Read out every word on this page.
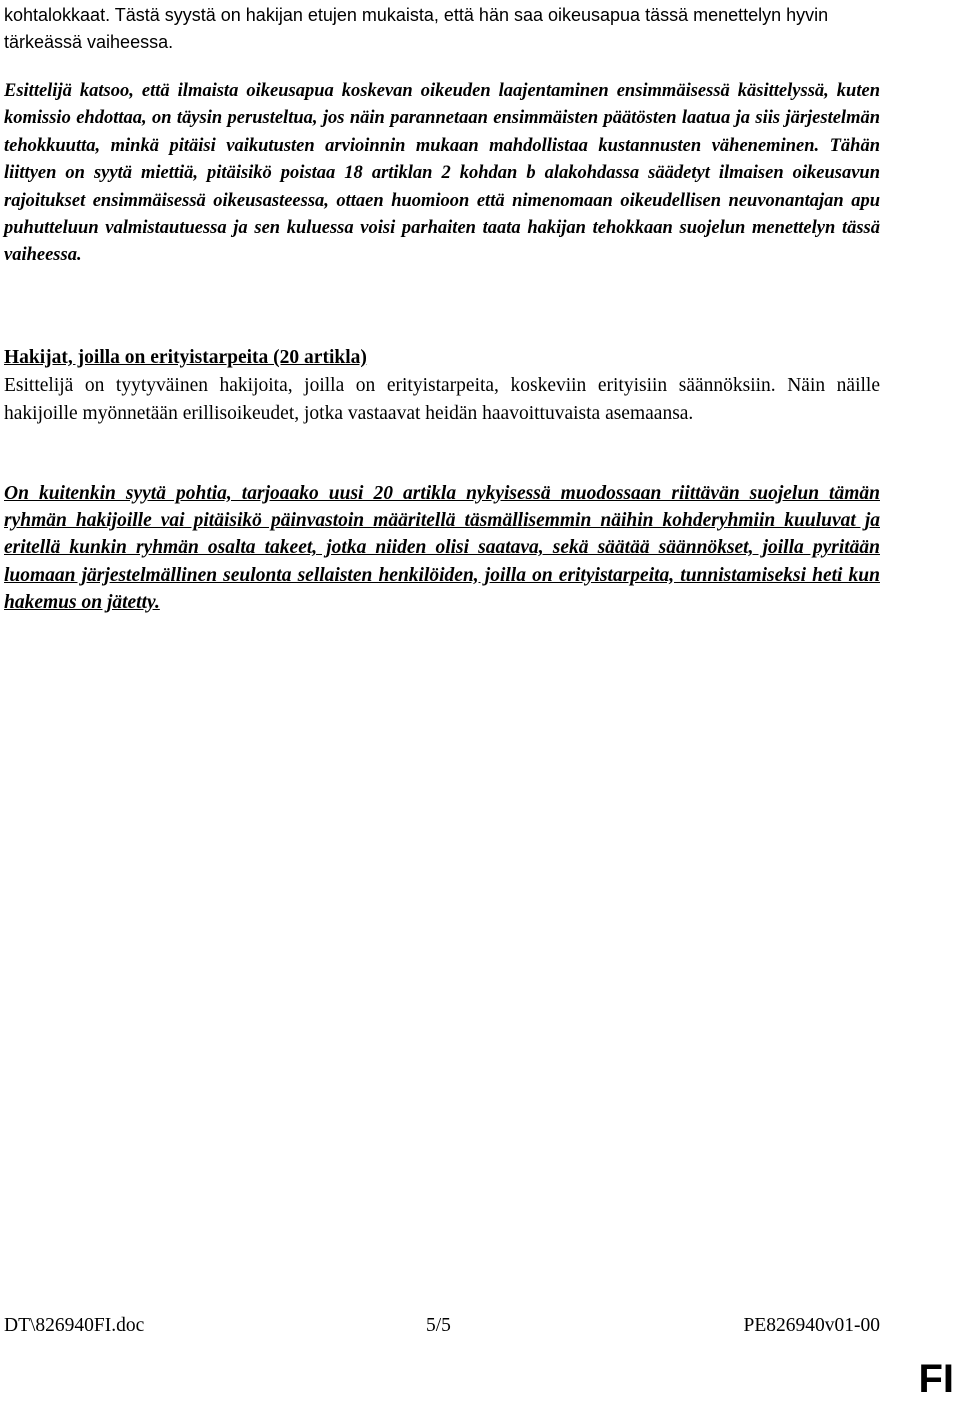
kohtalokkaat. Tästä syystä on hakijan etujen mukaista, että hän saa oikeusapua tässä menettelyn hyvin tärkeässä vaiheessa.

Esittelijä katsoo, että ilmaista oikeusapua koskevan oikeuden laajentaminen ensimmäisessä käsittelyssä, kuten komissio ehdottaa, on täysin perusteltua, jos näin parannetaan ensimmäisten päätösten laatua ja siis järjestelmän tehokkuutta, minkä pitäisi vaikutusten arvioinnin mukaan mahdollistaa kustannusten väheneminen. Tähän liittyen on syytä miettiä, pitäisikö poistaa 18 artiklan 2 kohdan b alakohdassa säädetyt ilmaisen oikeusavun rajoitukset ensimmäisessä oikeusasteessa, ottaen huomioon että nimenomaan oikeudellisen neuvonantajan apu puhutteluun valmistautuessa ja sen kuluessa voisi parhaiten taata hakijan tehokkaan suojelun menettelyn tässä vaiheessa.

Hakijat, joilla on erityistarpeita (20 artikla)

Esittelijä on tyytyväinen hakijoita, joilla on erityistarpeita, koskeviin erityisiin säännöksiin. Näin näille hakijoille myönnetään erillisoikeudet, jotka vastaavat heidän haavoittuvaista asemaansa.

On kuitenkin syytä pohtia, tarjoaako uusi 20 artikla nykyisessä muodossaan riittävän suojelun tämän ryhmän hakijoille vai pitäisikö päinvastoin määritellä täsmällisemmin näihin kohderyhmiin kuuluvat ja eritellä kunkin ryhmän osalta takeet, jotka niiden olisi saatava, sekä säätää säännökset, joilla pyritään luomaan järjestelmällinen seulonta sellaisten henkilöiden, joilla on erityistarpeita, tunnistamiseksi heti kun hakemus on jätetty.

DT\826940FI.doc	5/5	PE826940v01-00
FI
